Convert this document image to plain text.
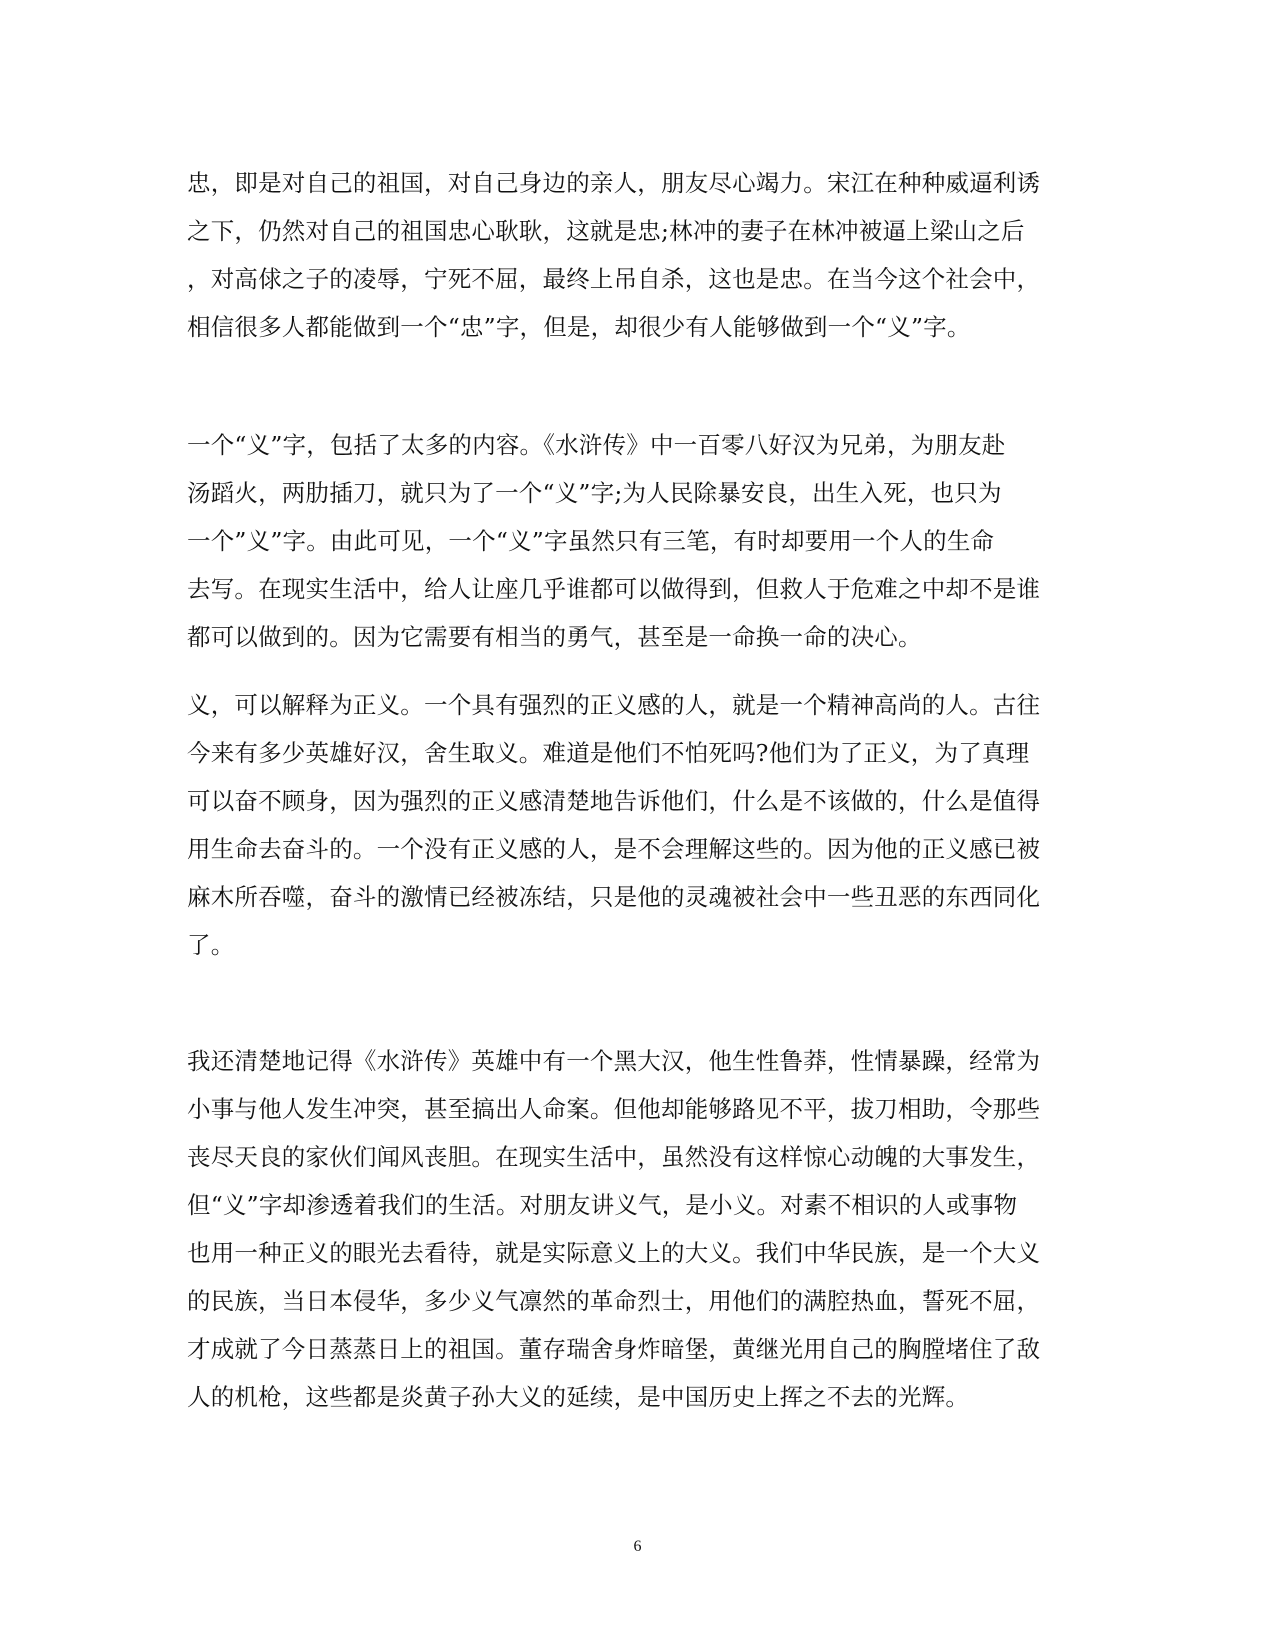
忠，即是对自己的祖国，对自己身边的亲人，朋友尽心竭力。宋江在种种威逼利诱
之下，仍然对自己的祖国忠心耿耿，这就是忠;林冲的妻子在林冲被逼上梁山之后
，对高俅之子的凌辱，宁死不屈，最终上吊自杀，这也是忠。在当今这个社会中，
相信很多人都能做到一个“忠”字，但是，却很少有人能够做到一个“义”字。
一个“义”字，包括了太多的内容。《水浒传》中一百零八好汉为兄弟，为朋友赴
汤蹈火，两肋插刀，就只为了一个“义”字;为人民除暴安良，出生入死，也只为
一个”义”字。由此可见，一个“义”字虽然只有三笔，有时却要用一个人的生命
去写。在现实生活中，给人让座几乎谁都可以做得到，但救人于危难之中却不是谁
都可以做到的。因为它需要有相当的勇气，甚至是一命换一命的决心。
义，可以解释为正义。一个具有强烈的正义感的人，就是一个精神高尚的人。古往
今来有多少英雄好汉，舍生取义。难道是他们不怕死吗?他们为了正义，为了真理
可以奋不顾身，因为强烈的正义感清楚地告诉他们，什么是不该做的，什么是值得
用生命去奋斗的。一个没有正义感的人，是不会理解这些的。因为他的正义感已被
麻木所吞噬，奋斗的激情已经被冻结，只是他的灵魂被社会中一些丑恶的东西同化
了。
我还清楚地记得《水浒传》英雄中有一个黑大汉，他生性鲁莽，性情暴躁，经常为
小事与他人发生冲突，甚至搞出人命案。但他却能够路见不平，拔刀相助，令那些
丧尽天良的家伙们闻风丧胆。在现实生活中，虽然没有这样惊心动魄的大事发生，
但“义”字却渗透着我们的生活。对朋友讲义气，是小义。对素不相识的人或事物
也用一种正义的眼光去看待，就是实际意义上的大义。我们中华民族，是一个大义
的民族，当日本侵华，多少义气凛然的革命烈士，用他们的满腔热血，誓死不屈，
才成就了今日蒸蒸日上的祖国。董存瑞舍身炸暗堡，黄继光用自己的胸膛堵住了敌
人的机枪，这些都是炎黄子孙大义的延续，是中国历史上挥之不去的光辉。
6
